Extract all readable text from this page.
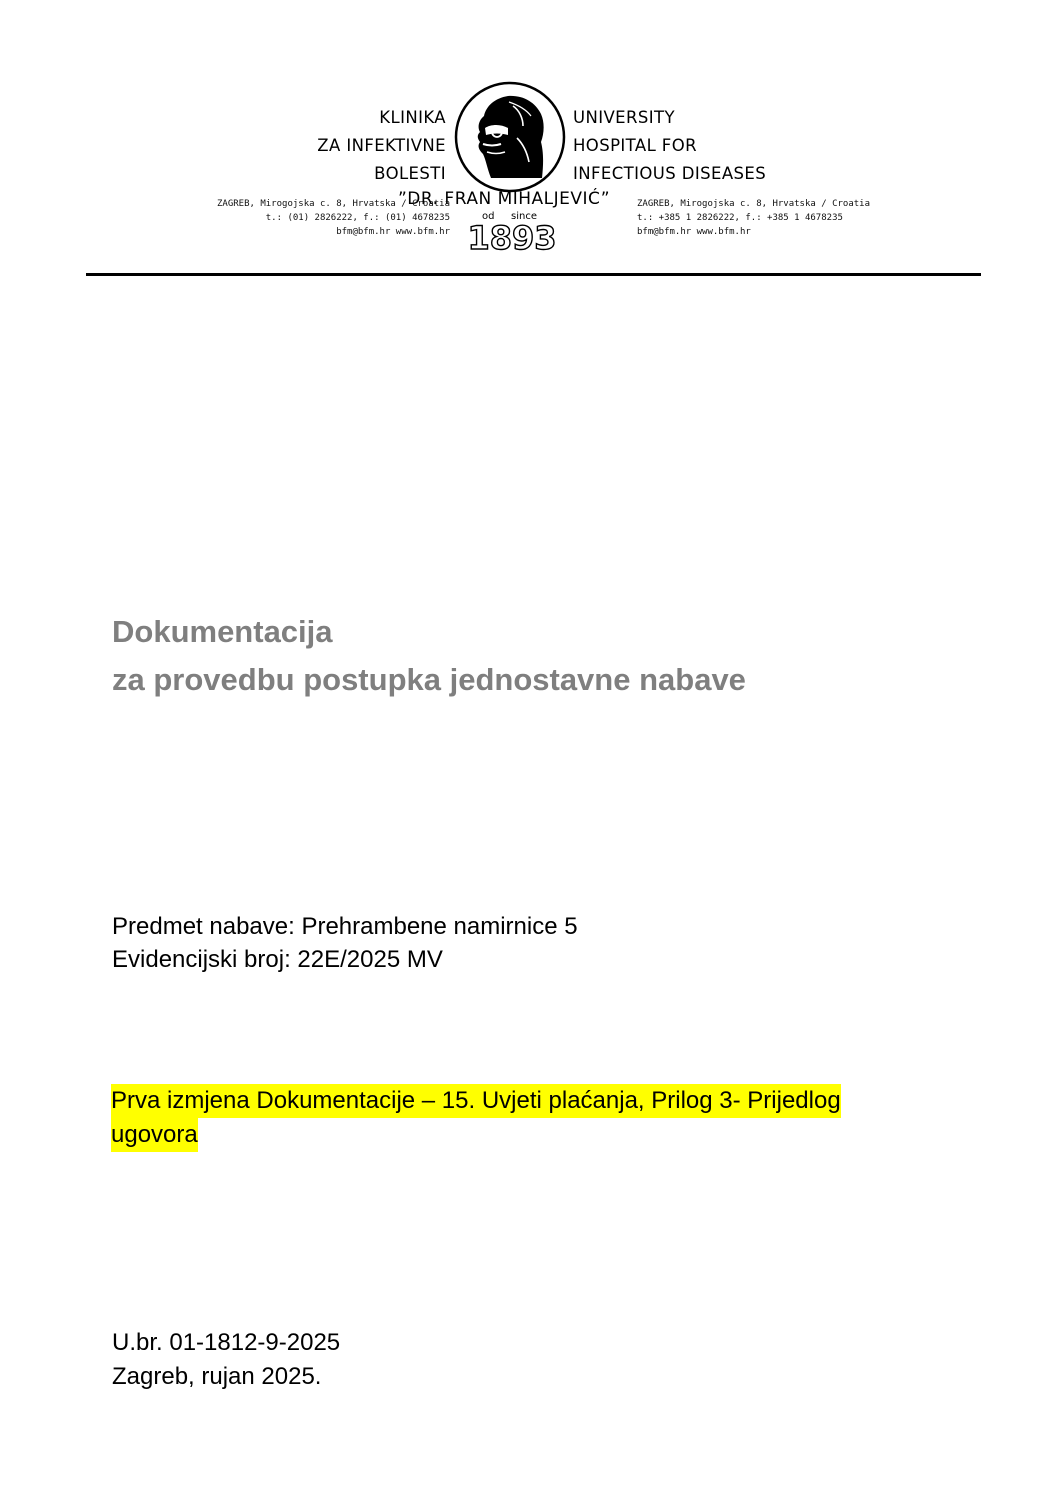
KLINIKA
ZA INFEKTIVNE
BOLESTI
UNIVERSITY
HOSPITAL FOR
INFECTIOUS DISEASES
”DR. FRAN MIHALJEVIĆ”
ZAGREB, Mirogojska c. 8, Hrvatska / Croatia
t.: (01) 2826222, f.: (01) 4678235
bfm@bfm.hr www.bfm.hr
od since
1893
ZAGREB, Mirogojska c. 8, Hrvatska / Croatia
t.: +385 1 2826222, f.: +385 1 4678235
bfm@bfm.hr www.bfm.hr
Dokumentacija
za provedbu postupka jednostavne nabave
Predmet nabave: Prehrambene namirnice 5
Evidencijski broj: 22E/2025 MV
Prva izmjena Dokumentacije – 15. Uvjeti plaćanja, Prilog 3- Prijedlog
ugovora
U.br. 01-1812-9-2025
Zagreb, rujan 2025.
